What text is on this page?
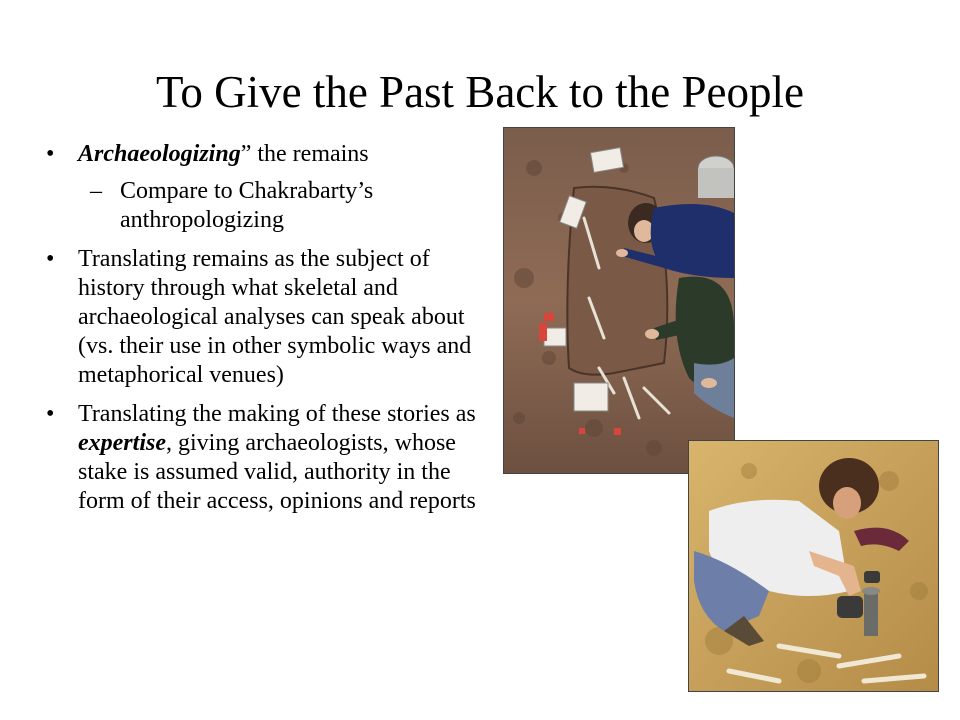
To Give the Past Back to the People
• Archaeologizing” the remains
– Compare to Chakrabarty’s anthropologizing
• Translating remains as the subject of history through what skeletal and archaeological analyses can speak about (vs. their use in other symbolic ways and metaphorical venues)
• Translating the making of these stories as expertise, giving archaeologists, whose stake is assumed valid, authority in the form of their access, opinions and reports
